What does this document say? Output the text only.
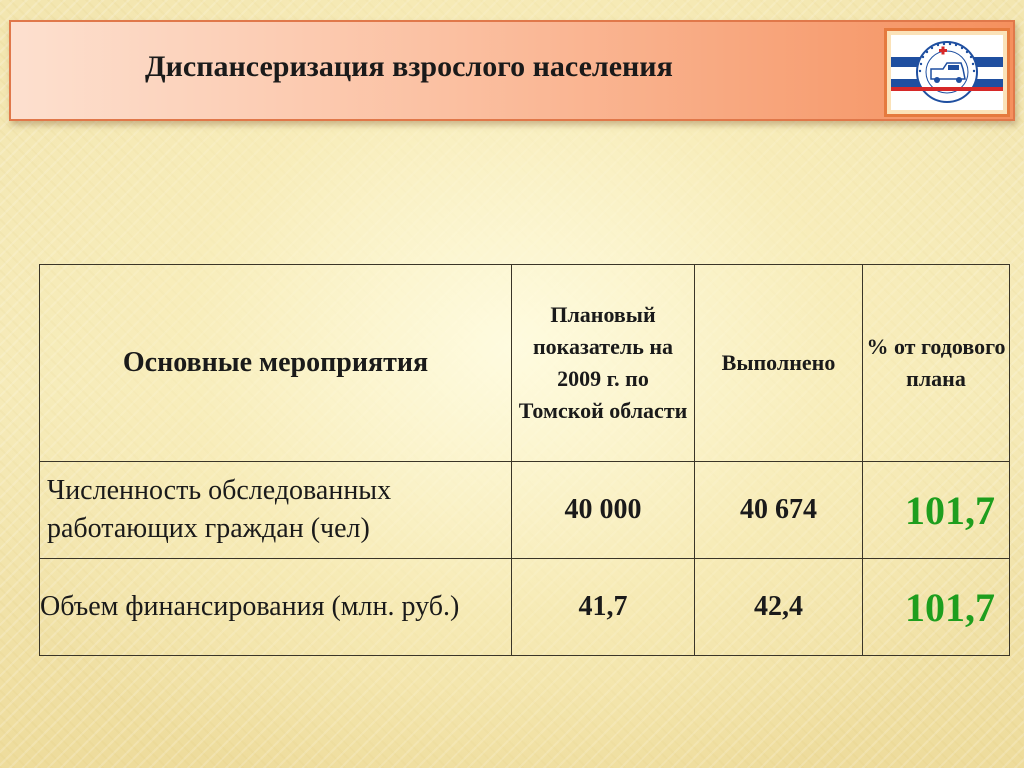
Диспансеризация взрослого населения
Основные мероприятия	Плановый показатель на 2009 г. по Томской области	Выполнено	% от годового плана
Численность обследованных работающих граждан (чел)	40 000	40 674	101,7
Объем финансирования (млн. руб.)	41,7	42,4	101,7
